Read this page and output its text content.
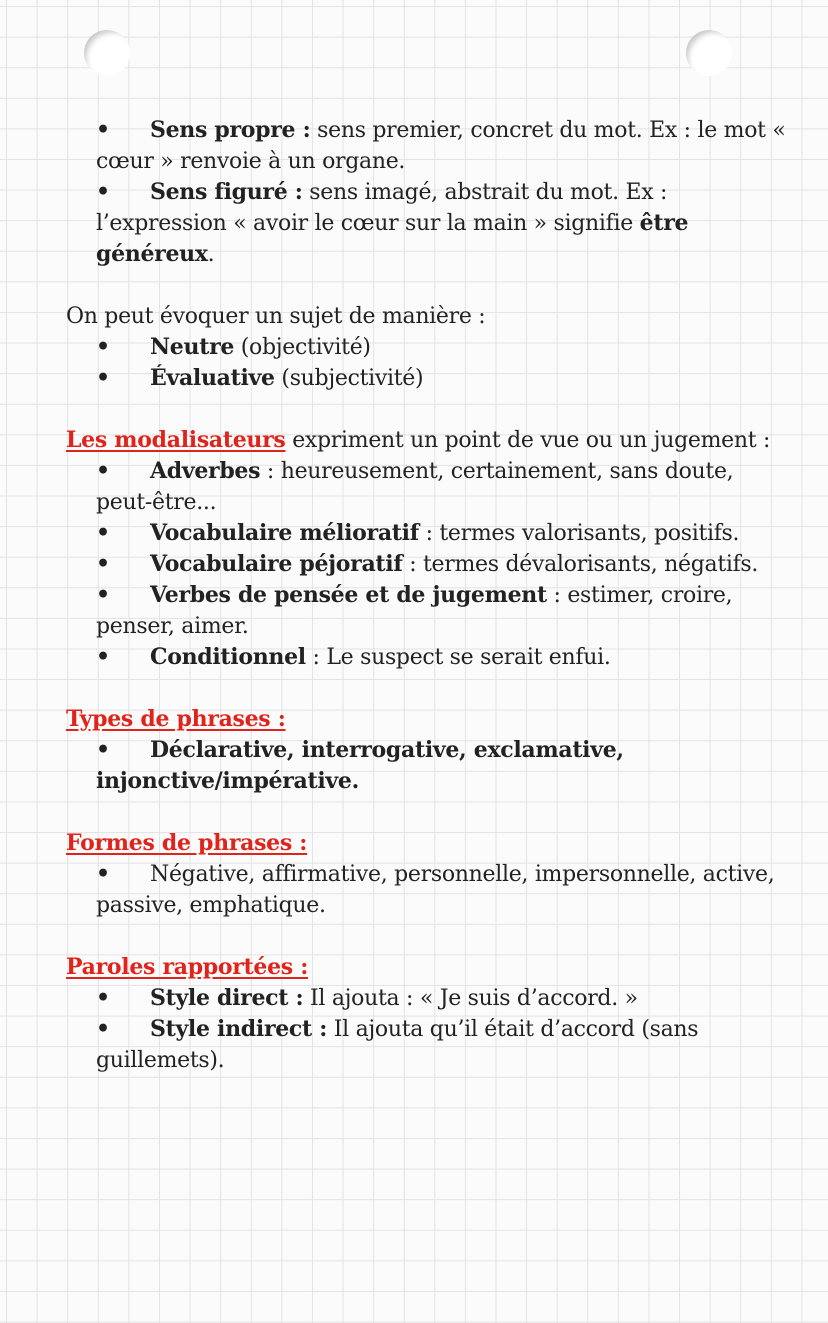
• Sens propre : sens premier, concret du mot. Ex : le mot « cœur » renvoie à un organe.
• Sens figuré : sens imagé, abstrait du mot. Ex : l’expression « avoir le cœur sur la main » signifie être généreux.
On peut évoquer un sujet de manière :
• Neutre (objectivité)
• Évaluative (subjectivité)
Les modalisateurs expriment un point de vue ou un jugement :
• Adverbes : heureusement, certainement, sans doute, peut-être...
• Vocabulaire mélioratif : termes valorisants, positifs.
• Vocabulaire péjoratif : termes dévalorisants, négatifs.
• Verbes de pensée et de jugement : estimer, croire, penser, aimer.
• Conditionnel : Le suspect se serait enfui.
Types de phrases :
• Déclarative, interrogative, exclamative, injonctive/impérative.
Formes de phrases :
• Négative, affirmative, personnelle, impersonnelle, active, passive, emphatique.
Paroles rapportées :
• Style direct : Il ajouta : « Je suis d’accord. »
• Style indirect : Il ajouta qu’il était d’accord (sans guillemets).
